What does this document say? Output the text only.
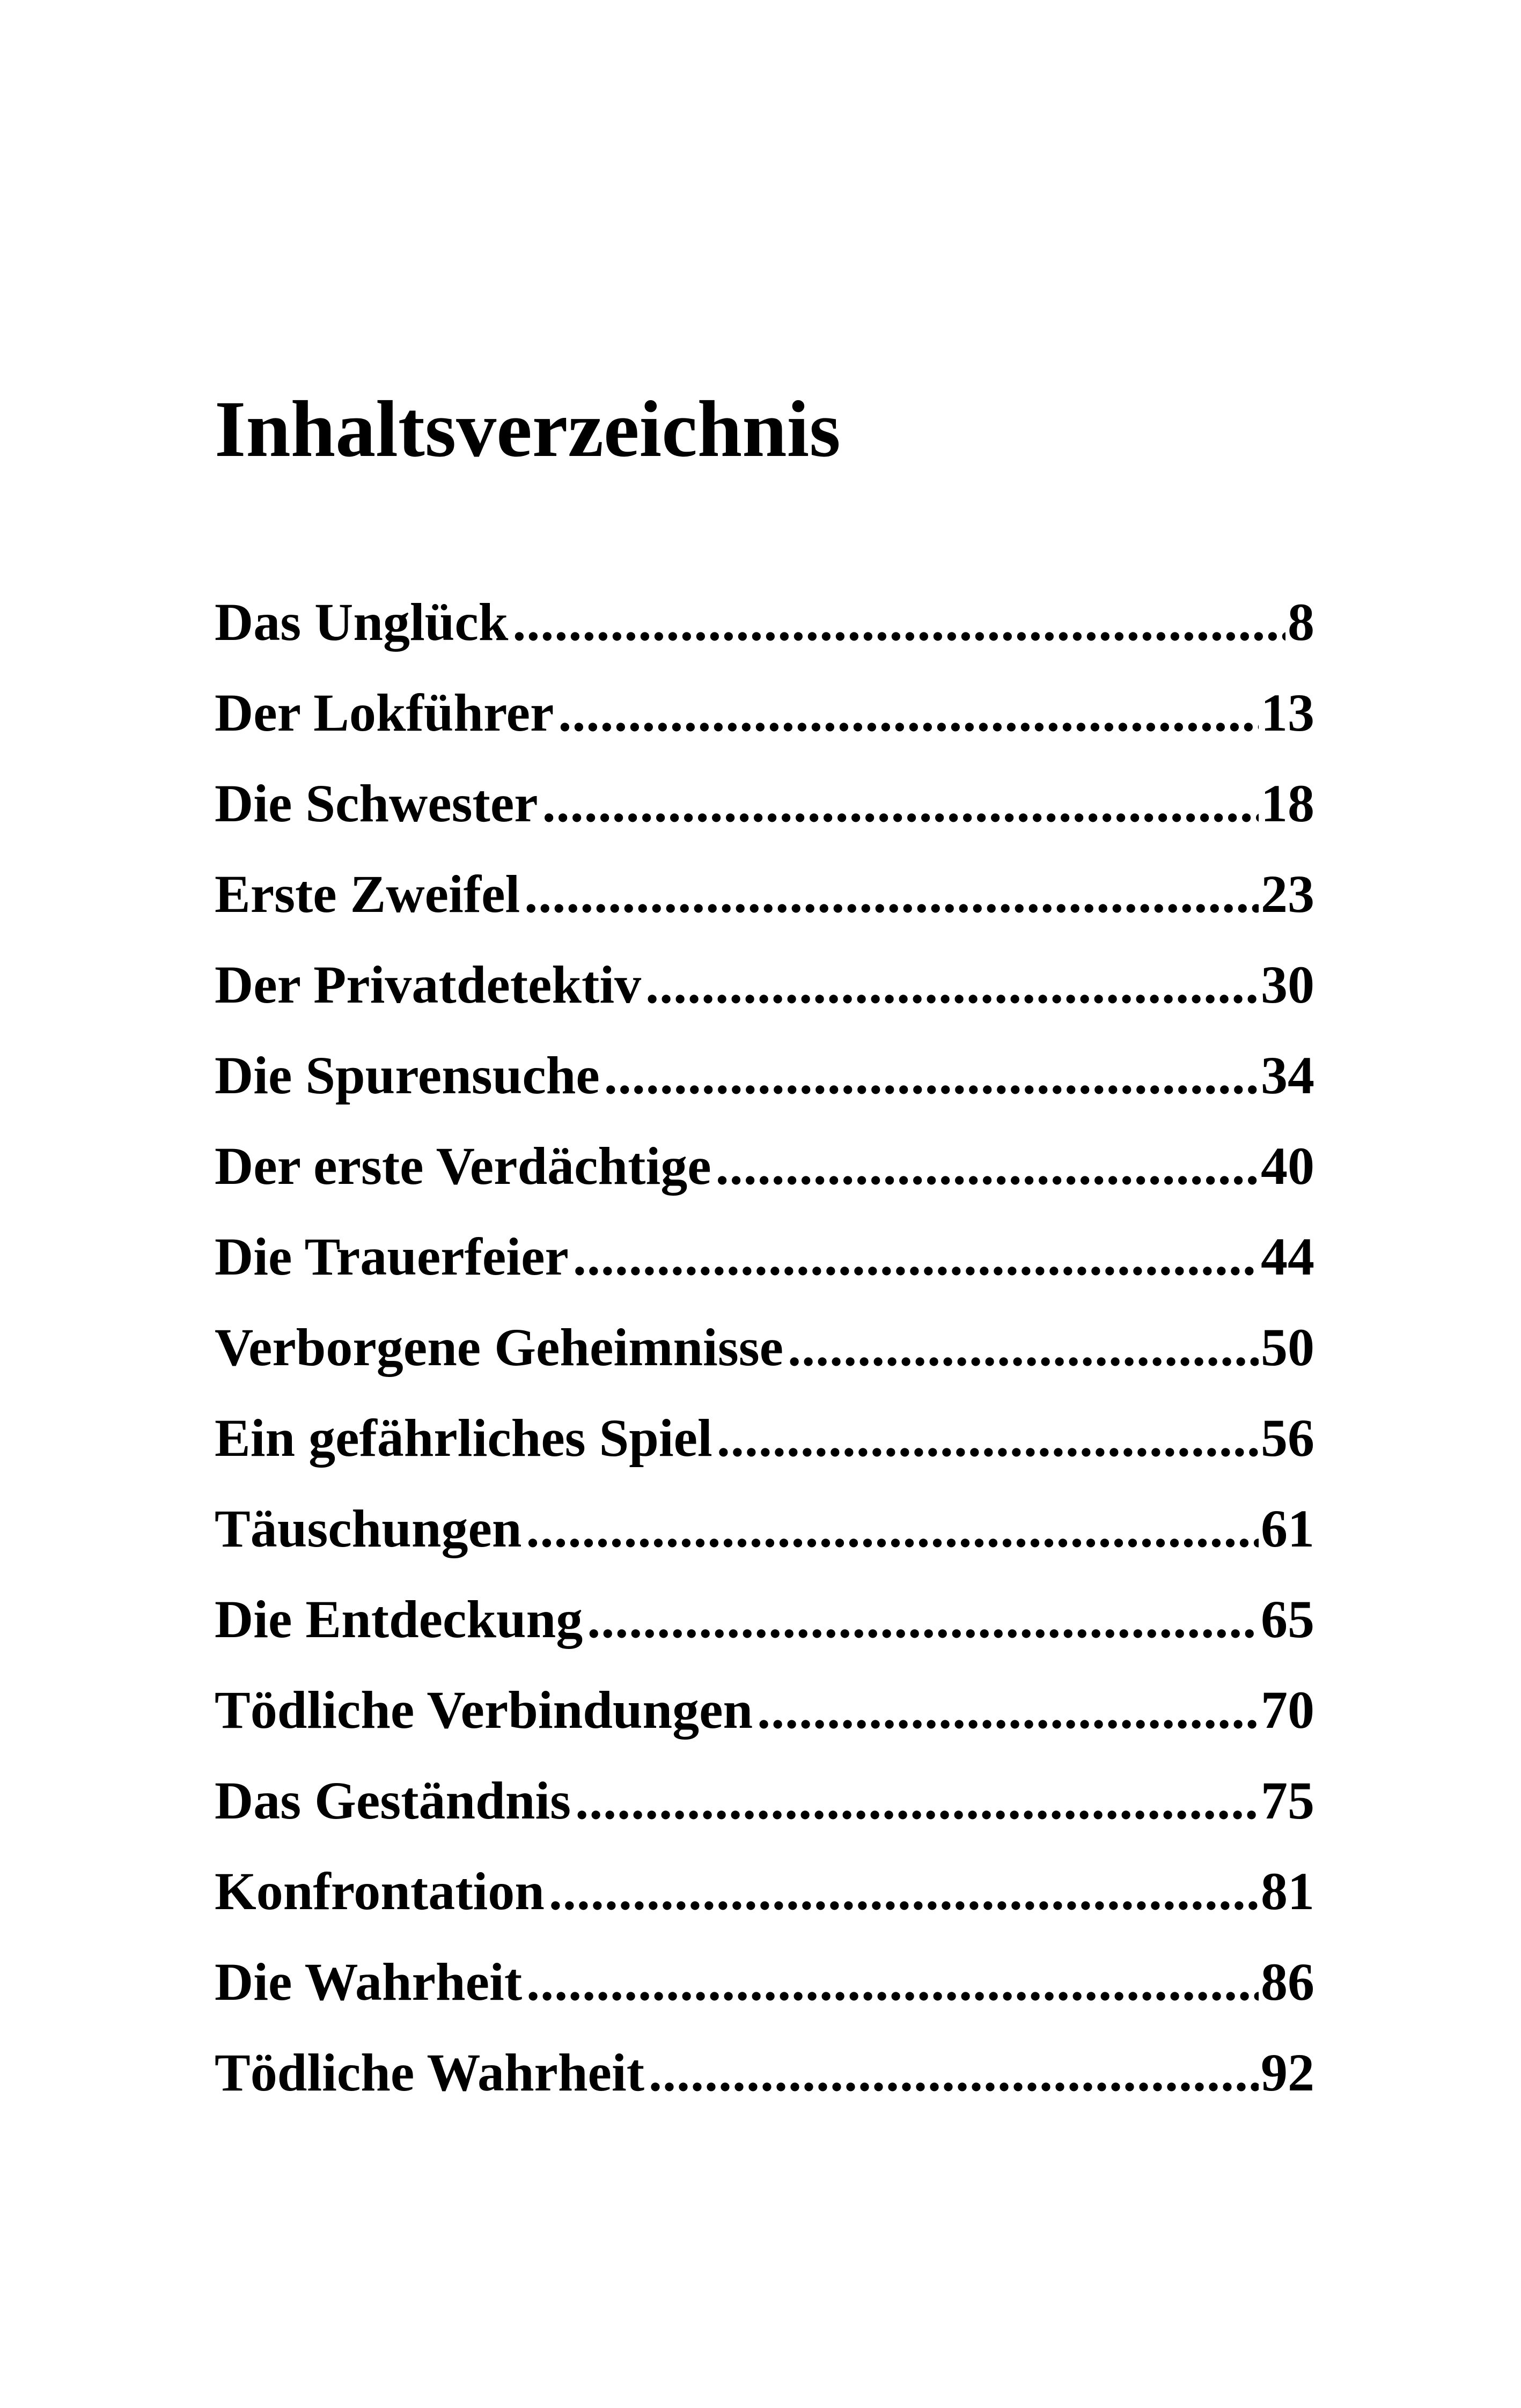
Inhaltsverzeichnis
Das Unglück .....	8
Der Lokführer .....	13
Die Schwester .....	18
Erste Zweifel .....	23
Der Privatdetektiv .....	30
Die Spurensuche .....	34
Der erste Verdächtige .....	40
Die Trauerfeier .....	44
Verborgene Geheimnisse .....	50
Ein gefährliches Spiel .....	56
Täuschungen .....	61
Die Entdeckung .....	65
Tödliche Verbindungen .....	70
Das Geständnis .....	75
Konfrontation .....	81
Die Wahrheit .....	86
Tödliche Wahrheit .....	92
